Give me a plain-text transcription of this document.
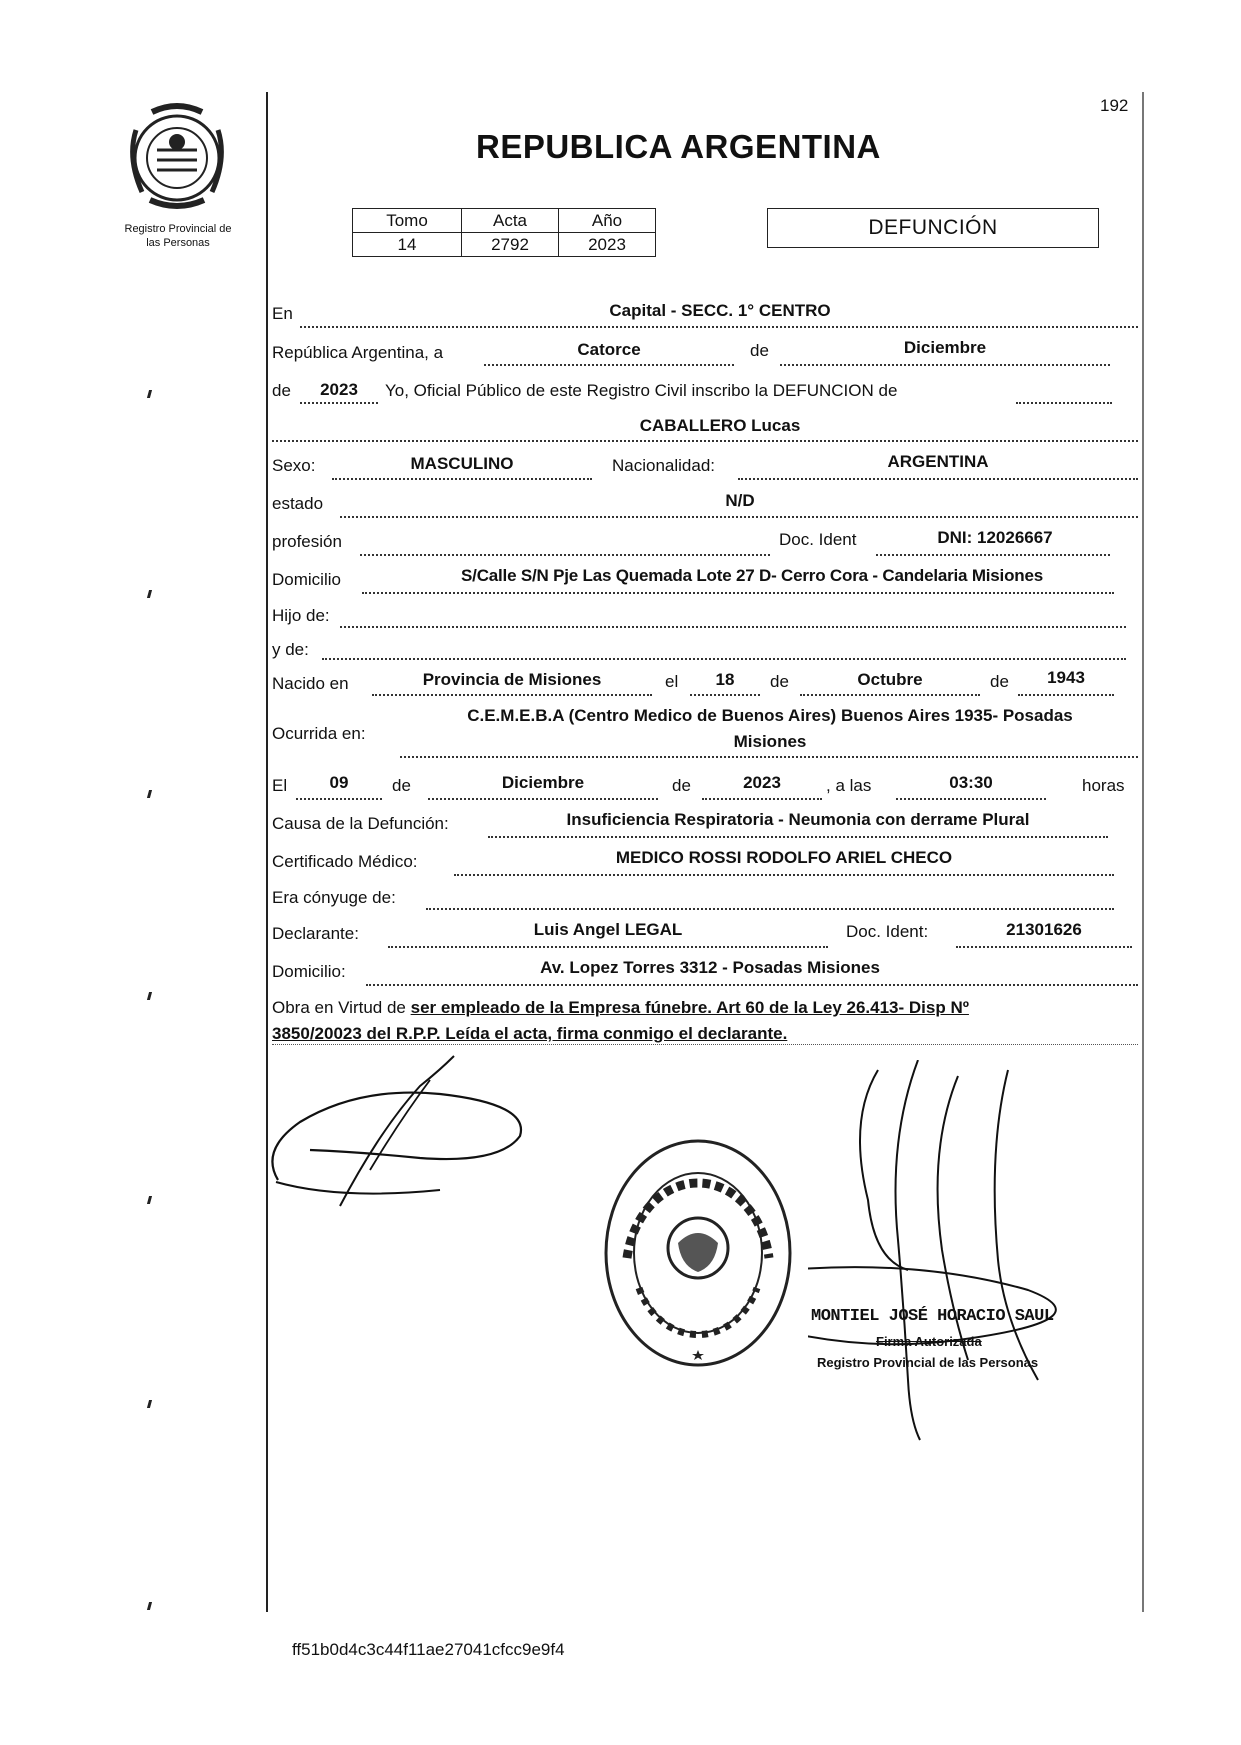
Registro Provincial de
las Personas
192
REPUBLICA ARGENTINA
Tomo	Acta	Año
14	2792	2023
DEFUNCIÓN
En	Capital - SECC. 1° CENTRO
República Argentina, a	Catorce	de	Diciembre
de	2023	Yo, Oficial Público de este Registro Civil inscribo la DEFUNCION de
CABALLERO Lucas
Sexo:	MASCULINO	Nacionalidad:	ARGENTINA
estado	N/D
profesión	Doc. Ident	DNI: 12026667
Domicilio	S/Calle S/N Pje Las Quemada Lote 27 D- Cerro Cora - Candelaria Misiones
Hijo de:
y de:
Nacido en	Provincia de Misiones	el	18	de	Octubre	de	1943
Ocurrida en:
C.E.M.E.B.A (Centro Medico de Buenos Aires) Buenos Aires 1935- Posadas
Misiones
El	09	de	Diciembre	de	2023	, a las	03:30	horas
Causa de la Defunción:	Insuficiencia Respiratoria - Neumonia con derrame Plural
Certificado Médico:	MEDICO ROSSI RODOLFO ARIEL CHECO
Era cónyuge de:
Declarante:	Luis Angel LEGAL	Doc. Ident:	21301626
Domicilio:	Av. Lopez Torres 3312 - Posadas Misiones
Obra en Virtud de ser empleado de la Empresa fúnebre. Art 60 de la Ley 26.413- Disp Nº
3850/20023 del R.P.P. Leída el acta, firma conmigo el declarante.
MONTIEL JOSÉ HORACIO SAUL
Firma Autorizada
Registro Provincial de las Personas
ff51b0d4c3c44f11ae27041cfcc9e9f4
